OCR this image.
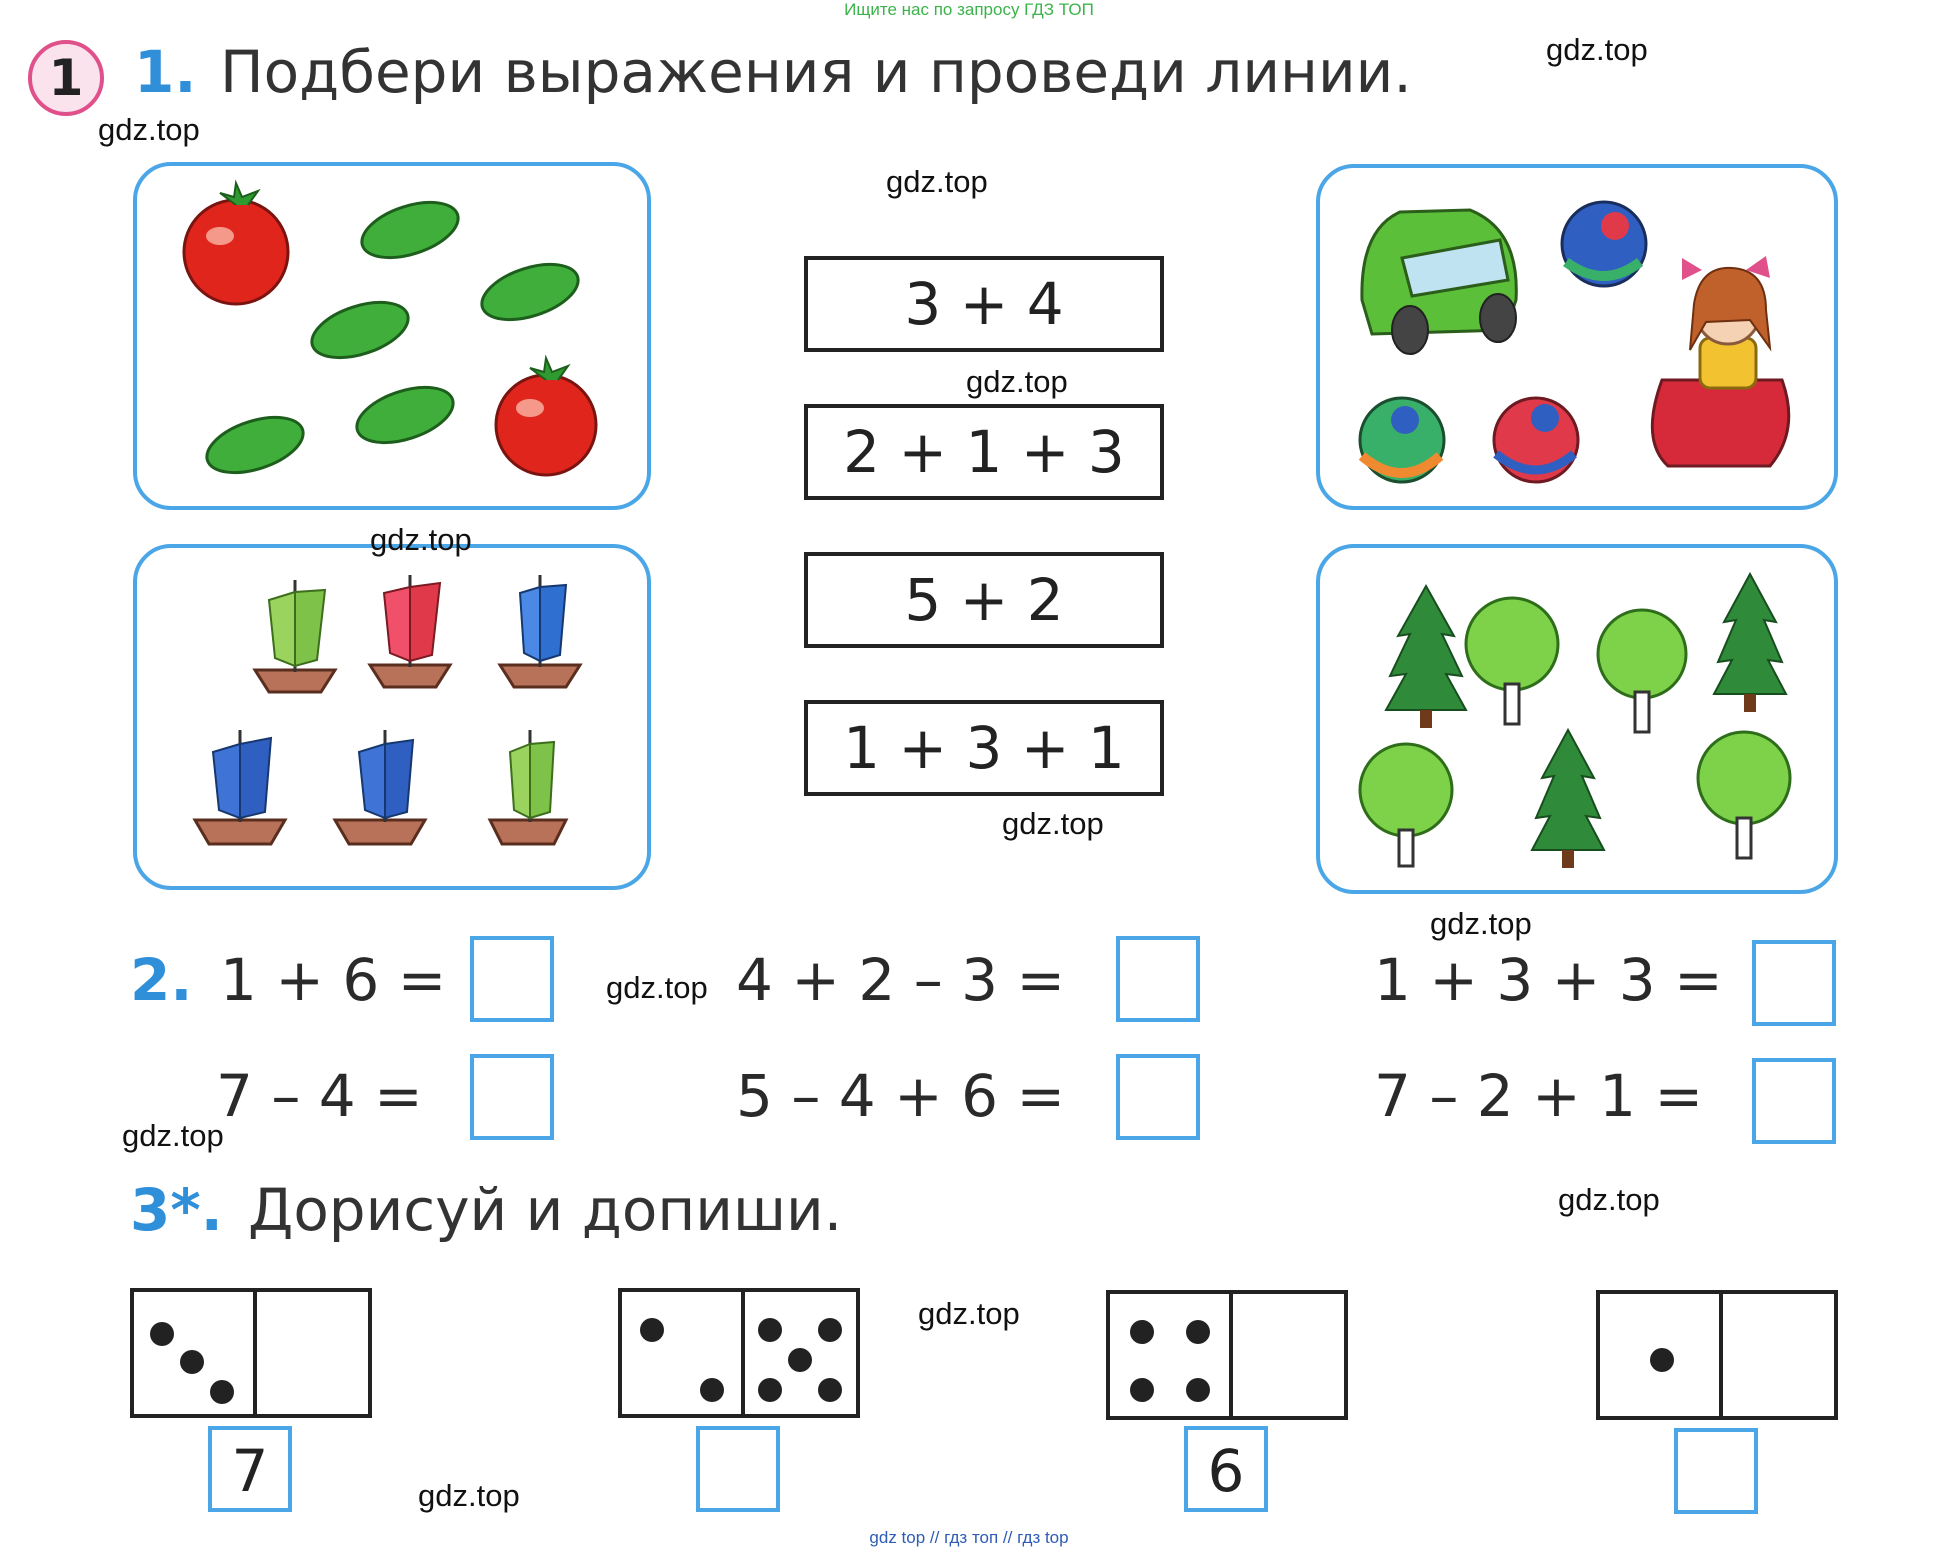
Ищите нас по запросу ГДЗ ТОП
1 1. Подбери выражения и проведи линии.
3 + 4
2 + 1 + 3
5 + 2
1 + 3 + 1
2. 1 + 6 =	4 + 2 – 3 =	1 + 3 + 3 =
7 – 4 =	5 – 4 + 6 =	7 – 2 + 1 =
3*. Дорисуй и допиши.
7	6
gdz.top
gdz.top
gdz.top
gdz.top
gdz.top
gdz.top
gdz.top
gdz.top
gdz.top
gdz.top
gdz.top
gdz.top
gdz top // гдз топ // гдз top
